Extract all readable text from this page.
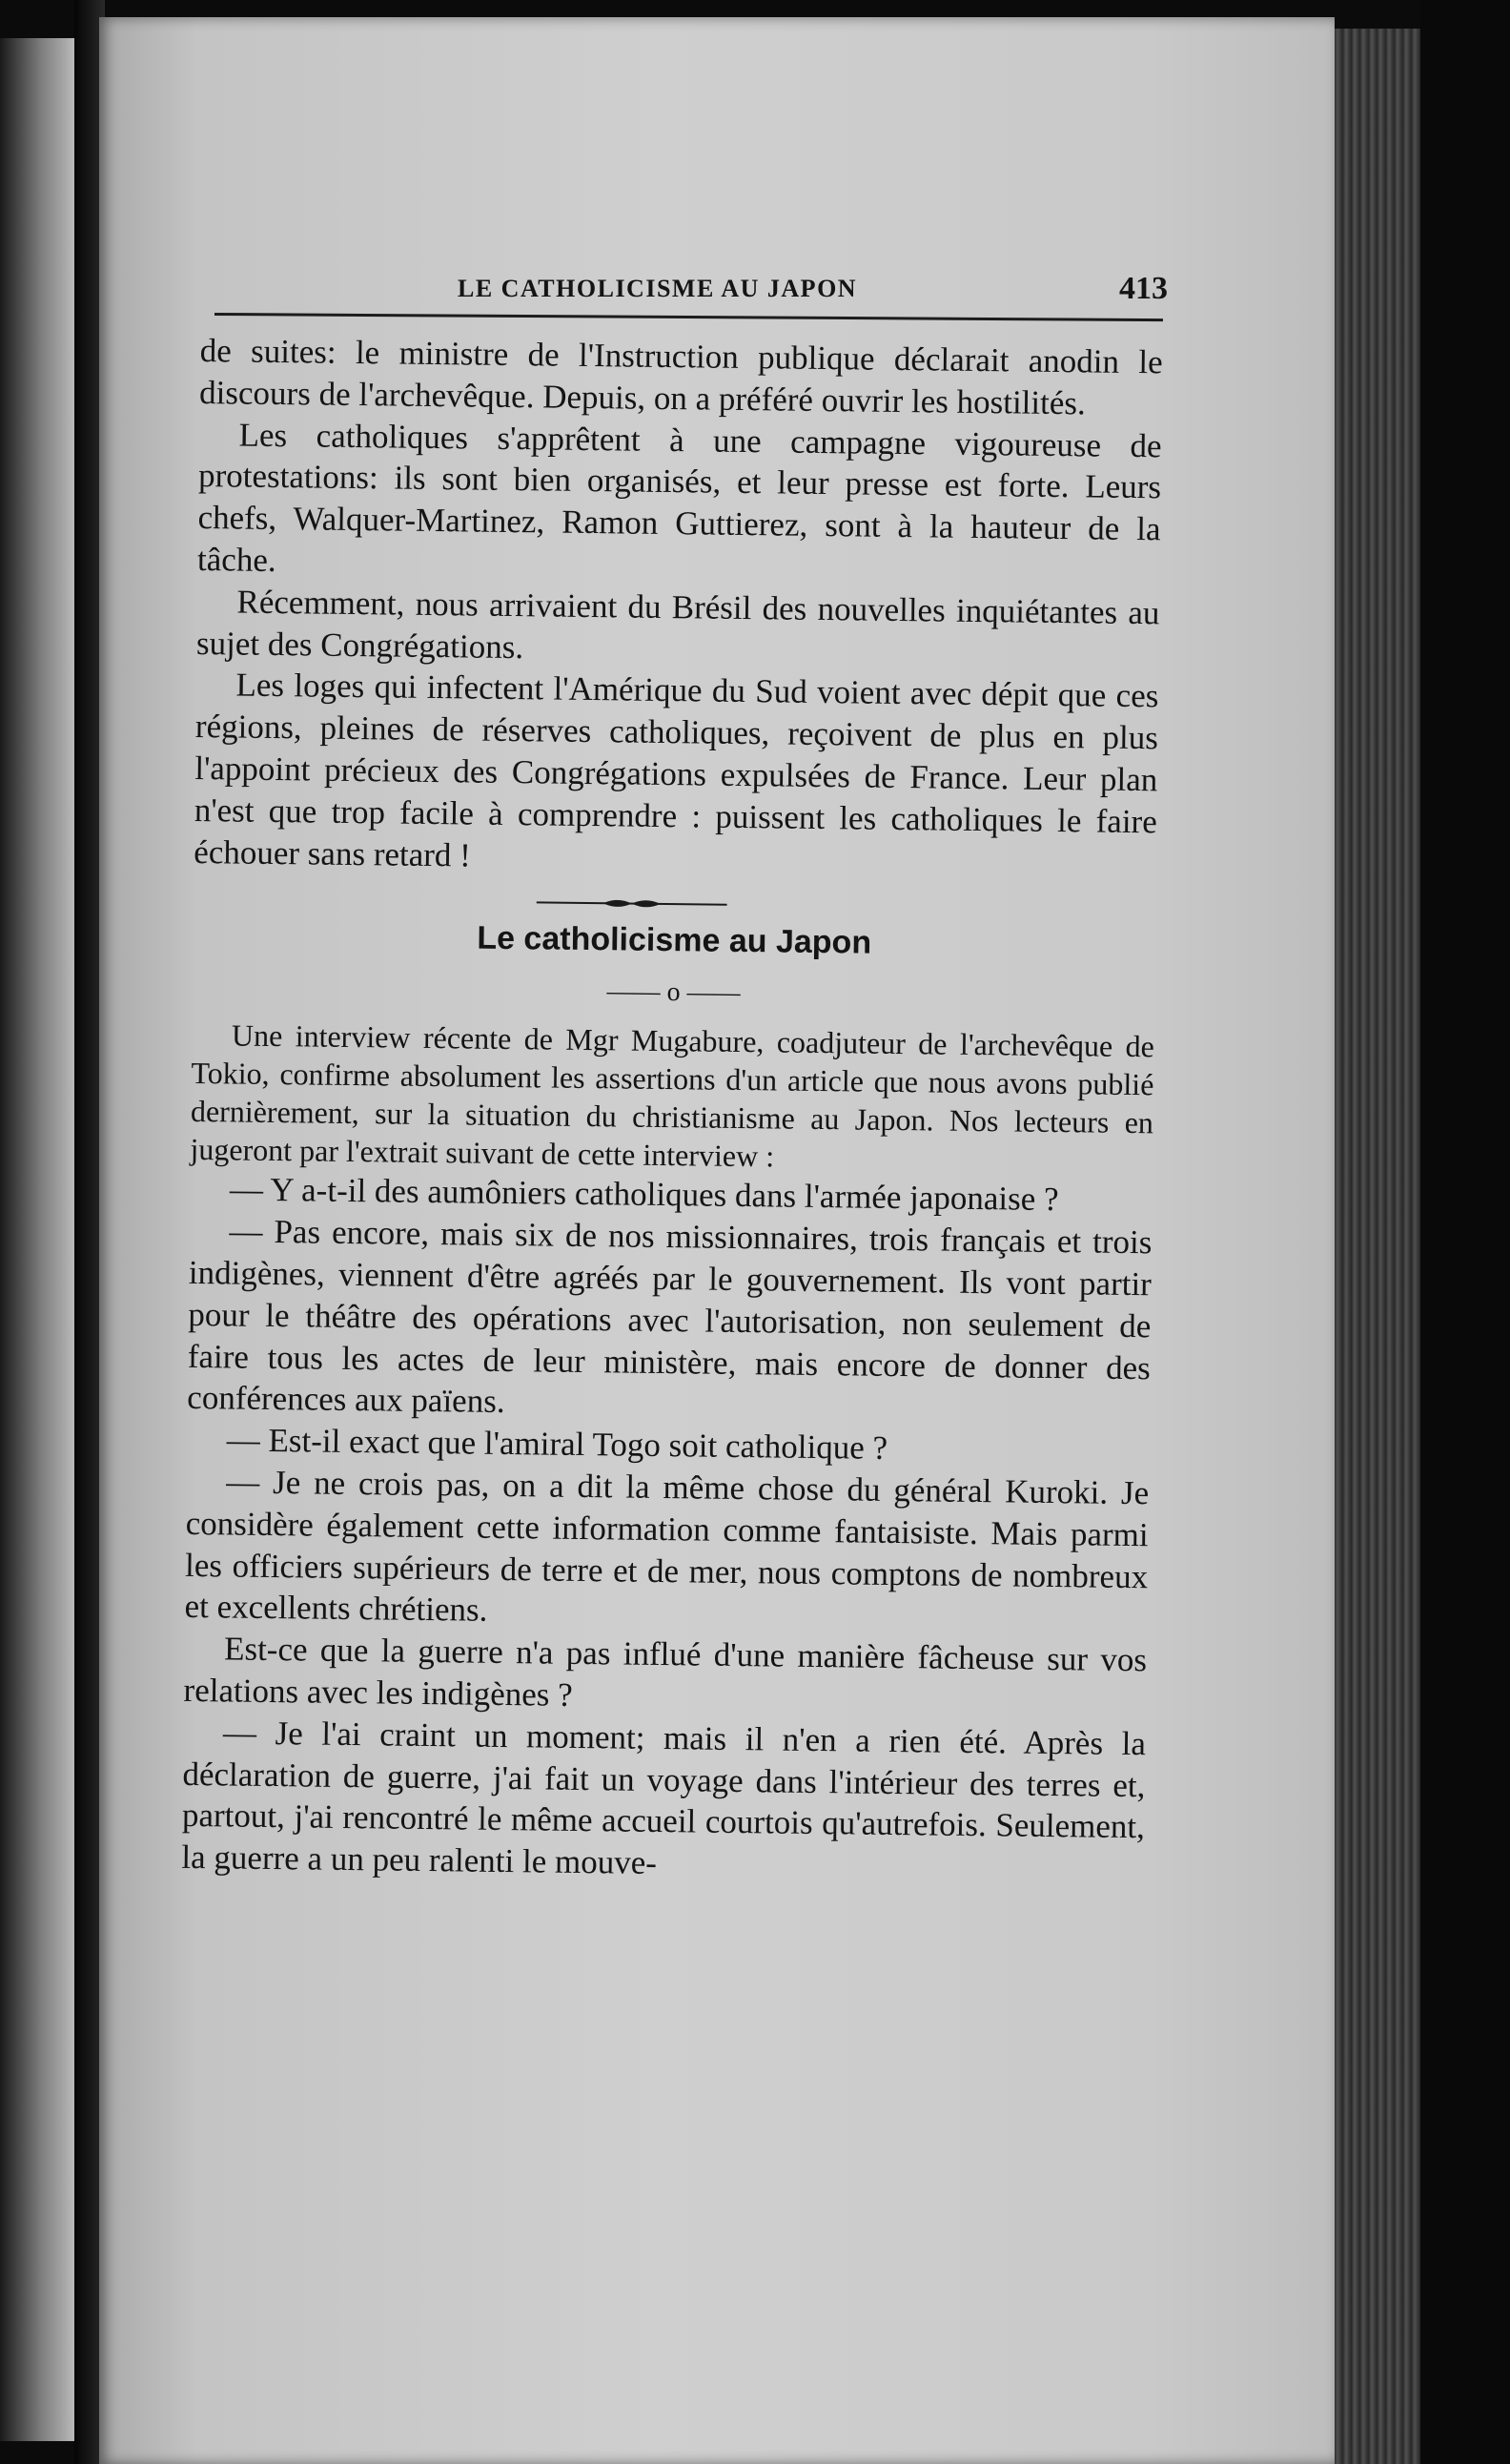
LE CATHOLICISME AU JAPON	413

de suites: le ministre de l'Instruction publique déclarait anodin le discours de l'archevêque. Depuis, on a préféré ouvrir les hostilités.

Les catholiques s'apprêtent à une campagne vigoureuse de protestations: ils sont bien organisés, et leur presse est forte. Leurs chefs, Walquer-Martinez, Ramon Guttierez, sont à la hauteur de la tâche.

Récemment, nous arrivaient du Brésil des nouvelles inquiétantes au sujet des Congrégations.

Les loges qui infectent l'Amérique du Sud voient avec dépit que ces régions, pleines de réserves catholiques, reçoivent de plus en plus l'appoint précieux des Congrégations expulsées de France. Leur plan n'est que trop facile à comprendre : puissent les catholiques le faire échouer sans retard !

Le catholicisme au Japon
—— o ——

Une interview récente de Mgr Mugabure, coadjuteur de l'archevêque de Tokio, confirme absolument les assertions d'un article que nous avons publié dernièrement, sur la situation du christianisme au Japon. Nos lecteurs en jugeront par l'extrait suivant de cette interview :

— Y a-t-il des aumôniers catholiques dans l'armée japonaise ?

— Pas encore, mais six de nos missionnaires, trois français et trois indigènes, viennent d'être agréés par le gouvernement. Ils vont partir pour le théâtre des opérations avec l'autorisation, non seulement de faire tous les actes de leur ministère, mais encore de donner des conférences aux païens.

— Est-il exact que l'amiral Togo soit catholique ?

— Je ne crois pas, on a dit la même chose du général Kuroki. Je considère également cette information comme fantaisiste. Mais parmi les officiers supérieurs de terre et de mer, nous comptons de nombreux et excellents chrétiens.

Est-ce que la guerre n'a pas influé d'une manière fâcheuse sur vos relations avec les indigènes ?

— Je l'ai craint un moment; mais il n'en a rien été. Après la déclaration de guerre, j'ai fait un voyage dans l'intérieur des terres et, partout, j'ai rencontré le même accueil courtois qu'autrefois. Seulement, la guerre a un peu ralenti le mouve-
